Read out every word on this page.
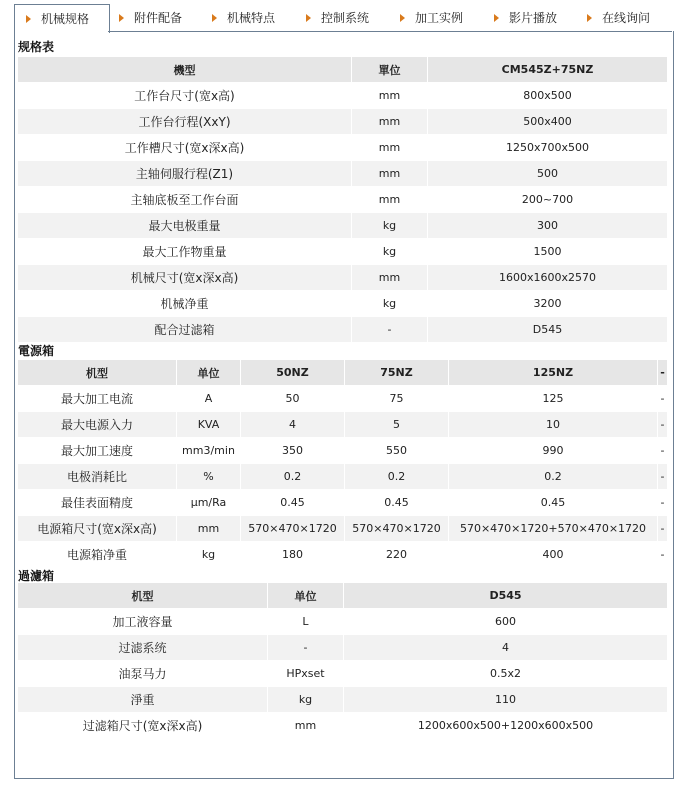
机械规格	附件配备	机械特点	控制系统	加工实例	影片播放	在线询问
规格表
機型	單位	CM545Z+75NZ
工作台尺寸(宽x高)	mm	800x500
工作台行程(XxY)	mm	500x400
工作槽尺寸(宽x深x高)	mm	1250x700x500
主轴伺服行程(Z1)	mm	500
主轴底板至工作台面	mm	200~700
最大电极重量	kg	300
最大工作物重量	kg	1500
机械尺寸(宽x深x高)	mm	1600x1600x2570
机械净重	kg	3200
配合过滤箱	-	D545
電源箱
机型	单位	50NZ	75NZ	125NZ	-
最大加工电流	A	50	75	125	-
最大电源入力	KVA	4	5	10	-
最大加工速度	mm3/min	350	550	990	-
电极消耗比	%	0.2	0.2	0.2	-
最佳表面精度	μm/Ra	0.45	0.45	0.45	-
电源箱尺寸(宽x深x高)	mm	570×470×1720	570×470×1720	570×470×1720+570×470×1720	-
电源箱净重	kg	180	220	400	-
過濾箱
机型	单位	D545
加工液容量	L	600
过滤系统	-	4
油泵马力	HPxset	0.5x2
淨重	kg	110
过滤箱尺寸(宽x深x高)	mm	1200x600x500+1200x600x500
